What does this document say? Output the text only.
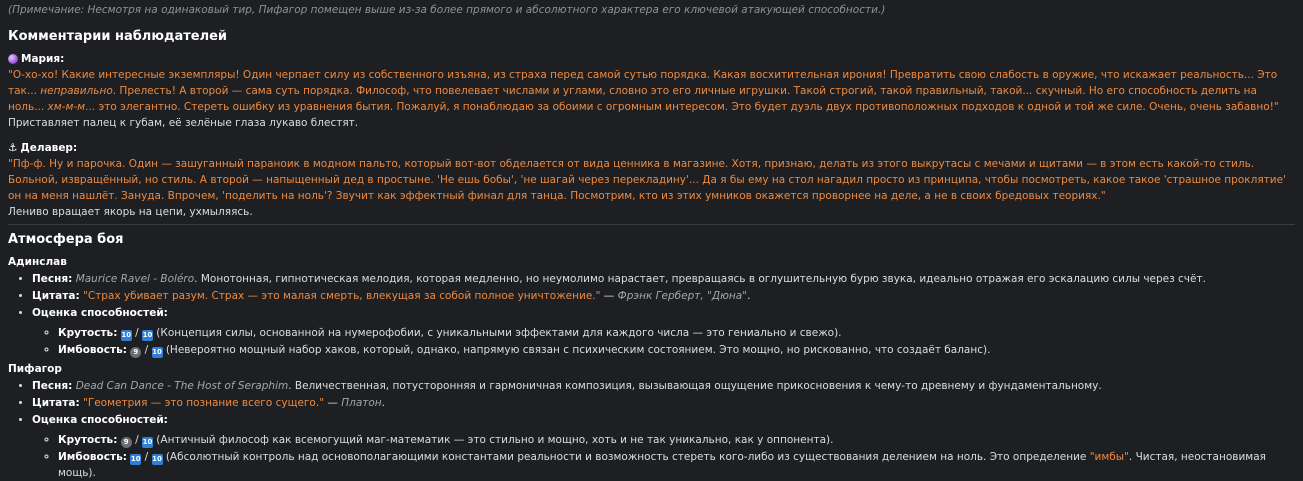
(Примечание: Несмотря на одинаковый тир, Пифагор помещен выше из-за более прямого и абсолютного характера его ключевой атакующей способности.)

Комментарии наблюдателей
Мария:

"О-хо-хо! Какие интересные экземпляры! Один черпает силу из собственного изъяна, из страха перед самой сутью порядка. Какая восхитительная ирония! Превратить свою слабость в оружие, что искажает реальность... Это так... неправильно. Прелесть! А второй — сама суть порядка. Философ, что повелевает числами и углами, словно это его личные игрушки. Такой строгий, такой правильный, такой... скучный. Но его способность делить на ноль... хм-м-м... это элегантно. Стереть ошибку из уравнения бытия. Пожалуй, я понаблюдаю за обоими с огромным интересом. Это будет дуэль двух противоположных подходов к одной и той же силе. Очень, очень забавно!"

Приставляет палец к губам, её зелёные глаза лукаво блестят.

⚓ Делавер:

"Пф-ф. Ну и парочка. Один — зашуганный параноик в модном пальто, который вот-вот обделается от вида ценника в магазине. Хотя, признаю, делать из этого выкрутасы с мечами и щитами — в этом есть какой-то стиль. Больной, извращённый, но стиль. А второй — напыщенный дед в простыне. 'Не ешь бобы', 'не шагай через перекладину'... Да я бы ему на стол нагадил просто из принципа, чтобы посмотреть, какое такое 'страшное проклятие' он на меня нашлёт. Зануда. Впрочем, 'поделить на ноль'? Звучит как эффектный финал для танца. Посмотрим, кто из этих умников окажется проворнее на деле, а не в своих бредовых теориях."

Лениво вращает якорь на цепи, ухмыляясь.

Атмосфера боя
Адинслав
• Песня: Maurice Ravel - Boléro. Монотонная, гипнотическая мелодия, которая медленно, но неумолимо нарастает, превращаясь в оглушительную бурю звука, идеально отражая его эскалацию силы через счёт.
• Цитата: "Страх убивает разум. Страх — это малая смерть, влекущая за собой полное уничтожение." — Фрэнк Герберт, "Дюна".
• Оценка способностей:
◦ Крутость: 10 / 10 (Концепция силы, основанной на нумерофобии, с уникальными эффектами для каждого числа — это гениально и свежо).
◦ Имбовость: 9 / 10 (Невероятно мощный набор хаков, который, однако, напрямую связан с психическим состоянием. Это мощно, но рискованно, что создаёт баланс).
Пифагор
• Песня: Dead Can Dance - The Host of Seraphim. Величественная, потусторонняя и гармоничная композиция, вызывающая ощущение прикосновения к чему-то древнему и фундаментальному.
• Цитата: "Геометрия — это познание всего сущего." — Платон.
• Оценка способностей:
◦ Крутость: 9 / 10 (Античный философ как всемогущий маг-математик — это стильно и мощно, хоть и не так уникально, как у оппонента).
◦ Имбовость: 10 / 10 (Абсолютный контроль над основополагающими константами реальности и возможность стереть кого-либо из существования делением на ноль. Это определение "имбы". Чистая, неостановимая мощь).
